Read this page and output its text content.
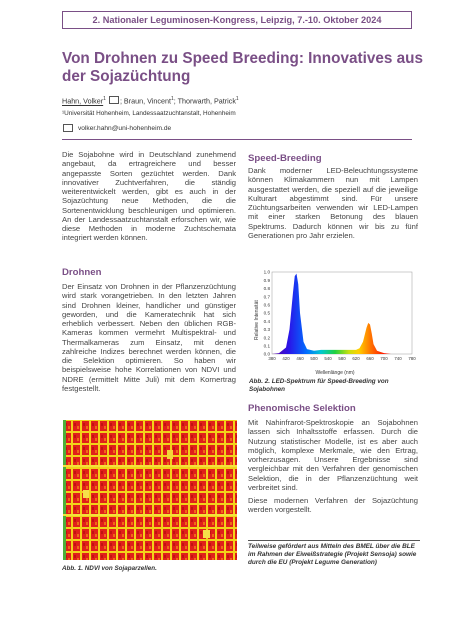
2. Nationaler Leguminosen-Kongress, Leipzig, 7.-10. Oktober 2024
Von Drohnen zu Speed Breeding: Innovatives aus der Sojazüchtung
Hahn, Volker$^1$ ; Braun, Vincent$^1$; Thorwarth, Patrick$^1$
¹Universität Hohenheim, Landessaatzuchtanstalt, Hohenheim
volker.hahn@uni-hohenheim.de
Die Sojabohne wird in Deutschland zunehmend angebaut, da ertragreichere und besser angepasste Sorten gezüchtet werden. Dank innovativer Zuchtverfahren, die ständig weiterentwickelt werden, gibt es auch in der Sojazüchtung neue Methoden, die die Sortenentwicklung beschleunigen und optimieren. An der Landessaatzuchtanstalt erforschen wir, wie diese Methoden in moderne Zuchtschemata integriert werden können.
Drohnen
Der Einsatz von Drohnen in der Pflanzenzüchtung wird stark vorangetrieben. In den letzten Jahren sind Drohnen kleiner, handlicher und günstiger geworden, und die Kameratechnik hat sich erheblich verbessert. Neben den üblichen RGB-Kameras kommen vermehrt Multispektral- und Thermalkameras zum Einsatz, mit denen zahlreiche Indizes berechnet werden können, die die Selektion optimieren. So haben wir beispielsweise hohe Korrelationen von NDVI und NDRE (ermittelt Mitte Juli) mit dem Kornertrag festgestellt.
Abb. 1. NDVI von Sojaparzellen.
Speed-Breeding
Dank moderner LED-Beleuchtungssysteme können Klimakammern nun mit Lampen ausgestattet werden, die speziell auf die jeweilige Kulturart abgestimmt sind. Für unsere Züchtungsarbeiten verwenden wir LED-Lampen mit einer starken Betonung des blauen Spektrums. Dadurch können wir bis zu fünf Generationen pro Jahr erzielen.
Relative Intensität
0.0
0.1
0.2
0.3
0.4
0.5
0.6
0.7
0.8
0.9
1.0
380 420 460 500 540 580 620 660 700 740 780
Wellenlänge (nm)
Abb. 2. LED-Spektrum für Speed-Breeding von Sojabohnen
Phenomische Selektion

Mit Nahinfrarot-Spektroskopie an Sojabohnen lassen sich Inhaltsstoffe erfassen. Durch die Nutzung statistischer Modelle, ist es aber auch möglich, komplexe Merkmale, wie den Ertrag, vorherzusagen. Unsere Ergebnisse sind vergleichbar mit den Verfahren der genomischen Selektion, die in der Pflanzenzüchtung weit verbreitet sind.

Diese modernen Verfahren der Sojazüchtung werden vorgestellt.

Teilweise gefördert aus Mitteln des BMEL über die BLE im Rahmen der Eiweißstrategie (Projekt Sensoja) sowie durch die EU (Projekt Legume Generation)
